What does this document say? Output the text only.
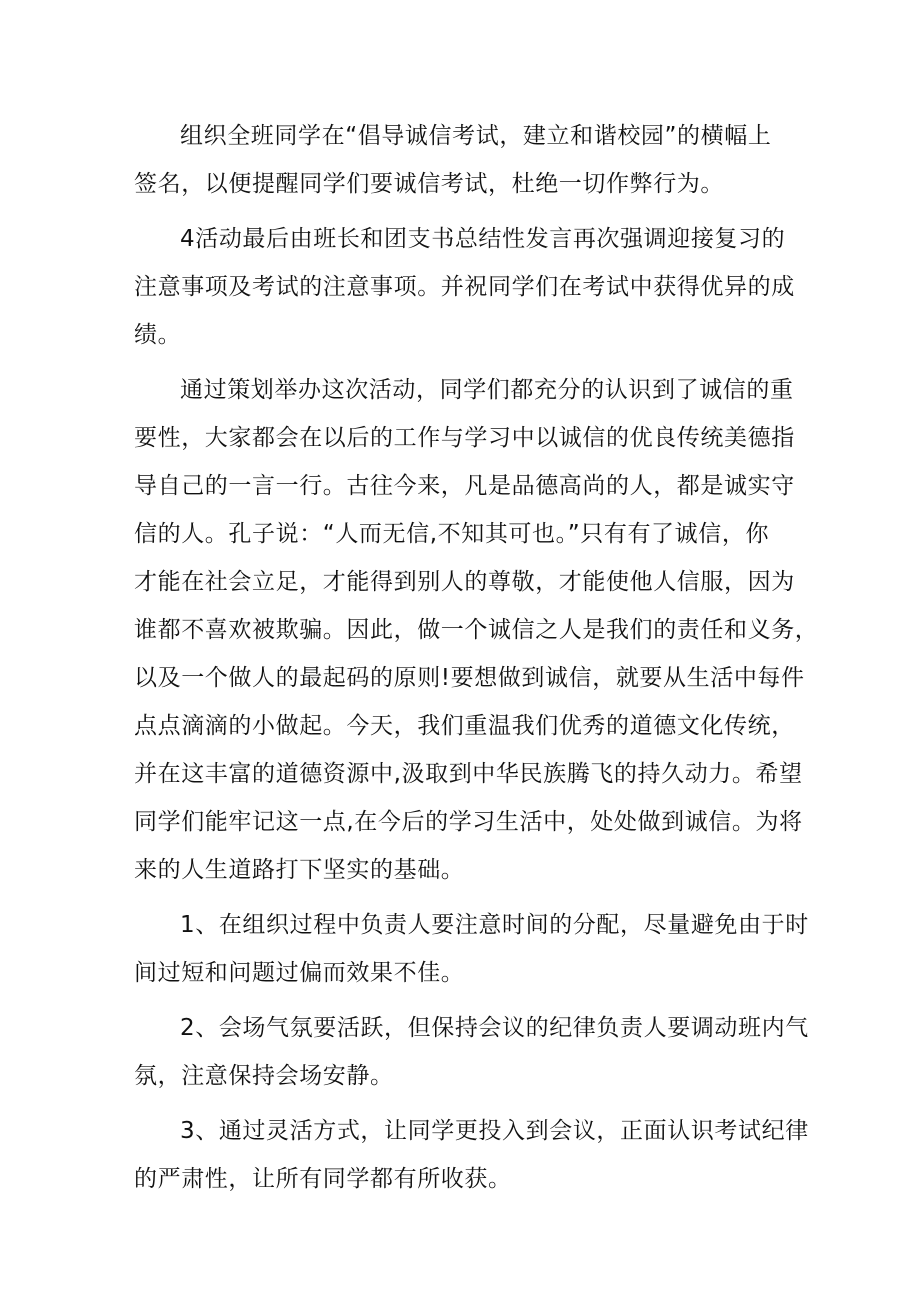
组织全班同学在“倡导诚信考试，建立和谐校园”的横幅上
签名，以便提醒同学们要诚信考试，杜绝一切作弊行为。

4活动最后由班长和团支书总结性发言再次强调迎接复习的
注意事项及考试的注意事项。并祝同学们在考试中获得优异的成
绩。

通过策划举办这次活动，同学们都充分的认识到了诚信的重
要性，大家都会在以后的工作与学习中以诚信的优良传统美德指
导自己的一言一行。古往今来，凡是品德高尚的人，都是诚实守
信的人。孔子说：“人而无信,不知其可也。”只有有了诚信，你
才能在社会立足，才能得到别人的尊敬，才能使他人信服，因为
谁都不喜欢被欺骗。因此，做一个诚信之人是我们的责任和义务，
以及一个做人的最起码的原则!要想做到诚信，就要从生活中每件
点点滴滴的小做起。今天，我们重温我们优秀的道德文化传统，
并在这丰富的道德资源中,汲取到中华民族腾飞的持久动力。希望
同学们能牢记这一点,在今后的学习生活中，处处做到诚信。为将
来的人生道路打下坚实的基础。

1、在组织过程中负责人要注意时间的分配，尽量避免由于时
间过短和问题过偏而效果不佳。

2、会场气氛要活跃，但保持会议的纪律负责人要调动班内气
氛，注意保持会场安静。

3、通过灵活方式，让同学更投入到会议，正面认识考试纪律
的严肃性，让所有同学都有所收获。
